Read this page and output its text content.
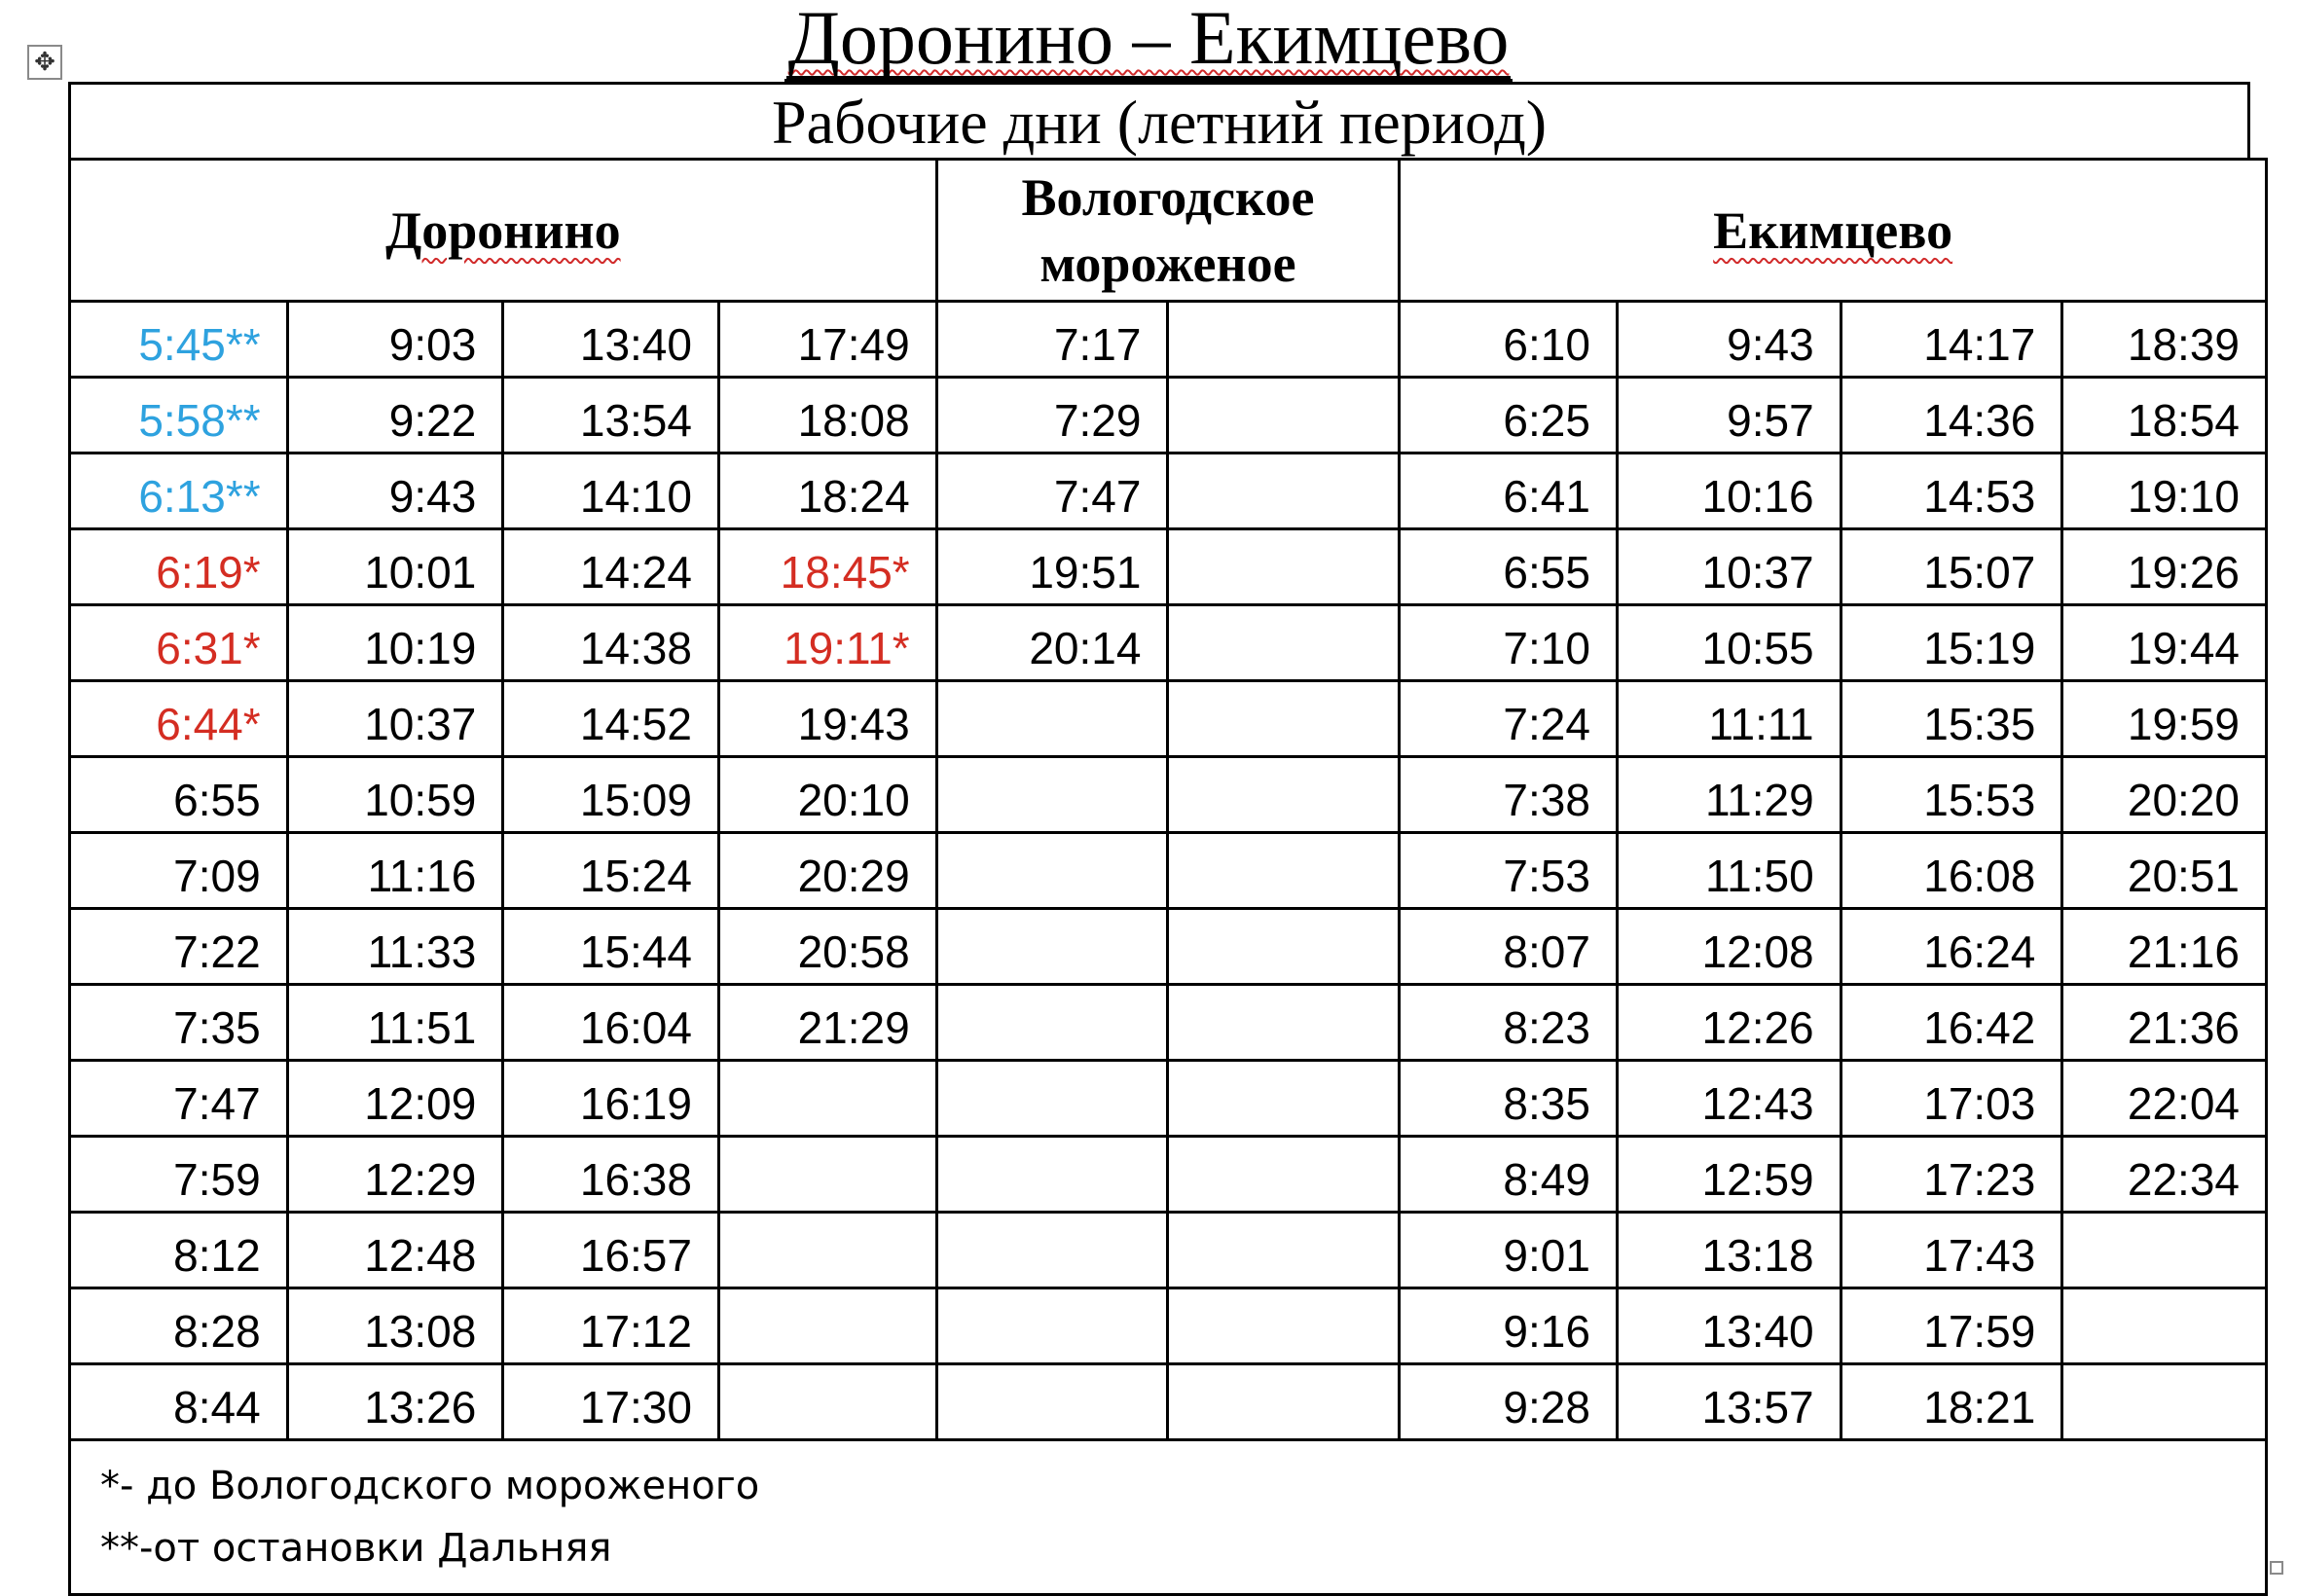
✥	Доронино – Екимцево
Рабочие дни (летний период)
Доронино				Вологодское
мороженое		Екимцево			
5:45**	9:03	13:40	17:49	7:17		6:10	9:43	14:17	18:39
5:58**	9:22	13:54	18:08	7:29		6:25	9:57	14:36	18:54
6:13**	9:43	14:10	18:24	7:47		6:41	10:16	14:53	19:10
6:19*	10:01	14:24	18:45*	19:51		6:55	10:37	15:07	19:26
6:31*	10:19	14:38	19:11*	20:14		7:10	10:55	15:19	19:44
6:44*	10:37	14:52	19:43			7:24	11:11	15:35	19:59
6:55	10:59	15:09	20:10			7:38	11:29	15:53	20:20
7:09	11:16	15:24	20:29			7:53	11:50	16:08	20:51
7:22	11:33	15:44	20:58			8:07	12:08	16:24	21:16
7:35	11:51	16:04	21:29			8:23	12:26	16:42	21:36
7:47	12:09	16:19				8:35	12:43	17:03	22:04
7:59	12:29	16:38				8:49	12:59	17:23	22:34
8:12	12:48	16:57				9:01	13:18	17:43	
8:28	13:08	17:12				9:16	13:40	17:59	
8:44	13:26	17:30				9:28	13:57	18:21	

*- до Вологодского мороженого
**-от остановки Дальняя									
